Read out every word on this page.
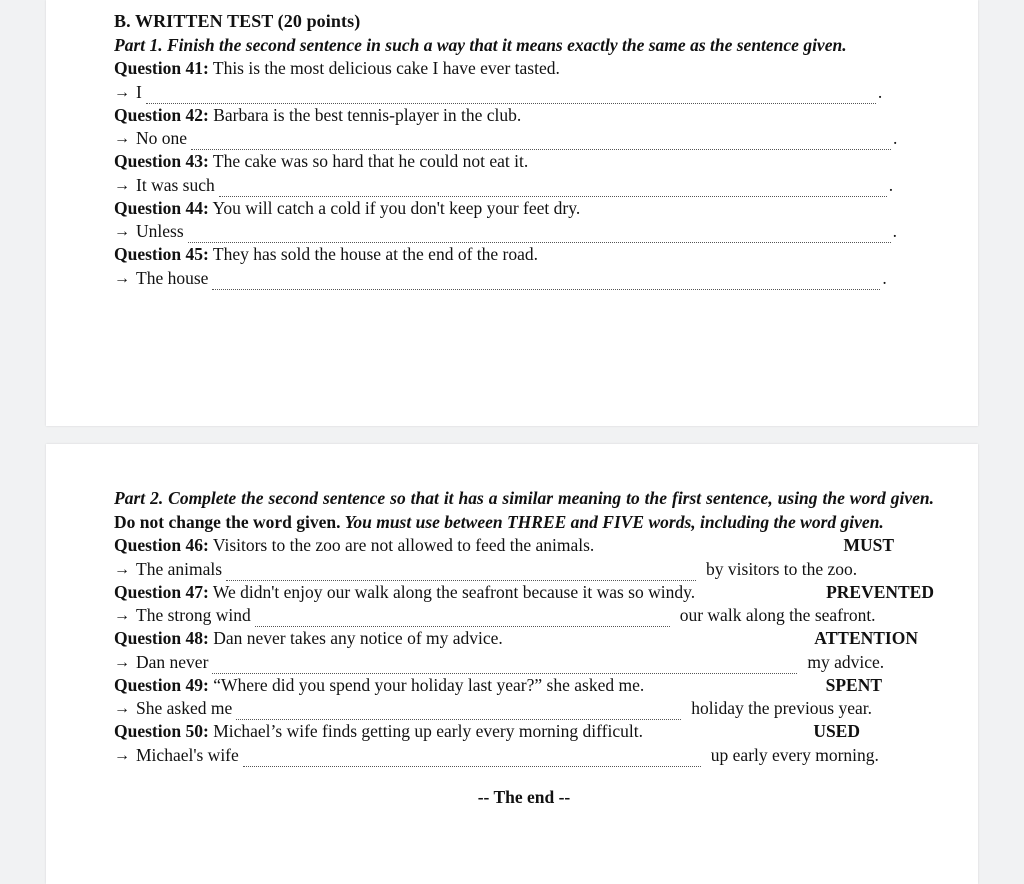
B. WRITTEN TEST (20 points)
Part 1. Finish the second sentence in such a way that it means exactly the same as the sentence given.
Question 41: This is the most delicious cake I have ever tasted.
→ I	.
Question 42: Barbara is the best tennis-player in the club.
→ No one	.
Question 43: The cake was so hard that he could not eat it.
→ It was such	.
Question 44: You will catch a cold if you don't keep your feet dry.
→ Unless	.
Question 45: They has sold the house at the end of the road.
→ The house	.
Part 2. Complete the second sentence so that it has a similar meaning to the first sentence, using the word given. Do not change the word given. You must use between THREE and FIVE words, including the word given.
Question 46: Visitors to the zoo are not allowed to feed the animals.	MUST
→ The animals	by visitors to the zoo.
Question 47: We didn't enjoy our walk along the seafront because it was so windy.	PREVENTED
→ The strong wind	our walk along the seafront.
Question 48: Dan never takes any notice of my advice.	ATTENTION
→ Dan never	my advice.
Question 49: “Where did you spend your holiday last year?” she asked me.	SPENT
→ She asked me	holiday the previous year.
Question 50: Michael’s wife finds getting up early every morning difficult.	USED
→ Michael's wife	up early every morning.
-- The end --
